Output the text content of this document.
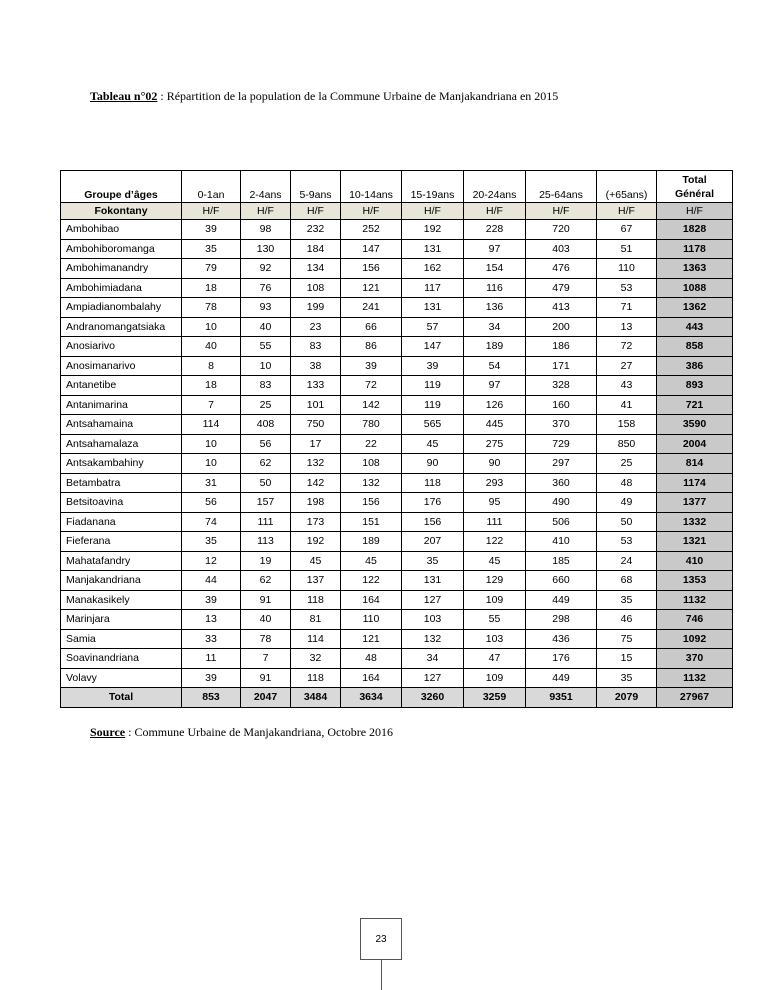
Tableau n°02 : Répartition de la population de la Commune Urbaine de Manjakandriana en 2015
Groupe d’âges	0-1an	2-4ans	5-9ans	10-14ans	15-19ans	20-24ans	25-64ans	(+65ans)	Total
Général
Fokontany	H/F	H/F	H/F	H/F	H/F	H/F	H/F	H/F	H/F
Ambohibao	39	98	232	252	192	228	720	67	1828
Ambohiboromanga	35	130	184	147	131	97	403	51	1178
Ambohimanandry	79	92	134	156	162	154	476	110	1363
Ambohimiadana	18	76	108	121	117	116	479	53	1088
Ampiadianombalahy	78	93	199	241	131	136	413	71	1362
Andranomangatsiaka	10	40	23	66	57	34	200	13	443
Anosiarivo	40	55	83	86	147	189	186	72	858
Anosimanarivo	8	10	38	39	39	54	171	27	386
Antanetibe	18	83	133	72	119	97	328	43	893
Antanimarina	7	25	101	142	119	126	160	41	721
Antsahamaina	114	408	750	780	565	445	370	158	3590
Antsahamalaza	10	56	17	22	45	275	729	850	2004
Antsakambahiny	10	62	132	108	90	90	297	25	814
Betambatra	31	50	142	132	118	293	360	48	1174
Betsitoavina	56	157	198	156	176	95	490	49	1377
Fiadanana	74	111	173	151	156	111	506	50	1332
Fieferana	35	113	192	189	207	122	410	53	1321
Mahatafandry	12	19	45	45	35	45	185	24	410
Manjakandriana	44	62	137	122	131	129	660	68	1353
Manakasikely	39	91	118	164	127	109	449	35	1132
Marinjara	13	40	81	110	103	55	298	46	746
Samia	33	78	114	121	132	103	436	75	1092
Soavinandriana	11	7	32	48	34	47	176	15	370
Volavy	39	91	118	164	127	109	449	35	1132
Total	853	2047	3484	3634	3260	3259	9351	2079	27967
Source : Commune Urbaine de Manjakandriana, Octobre 2016
23
